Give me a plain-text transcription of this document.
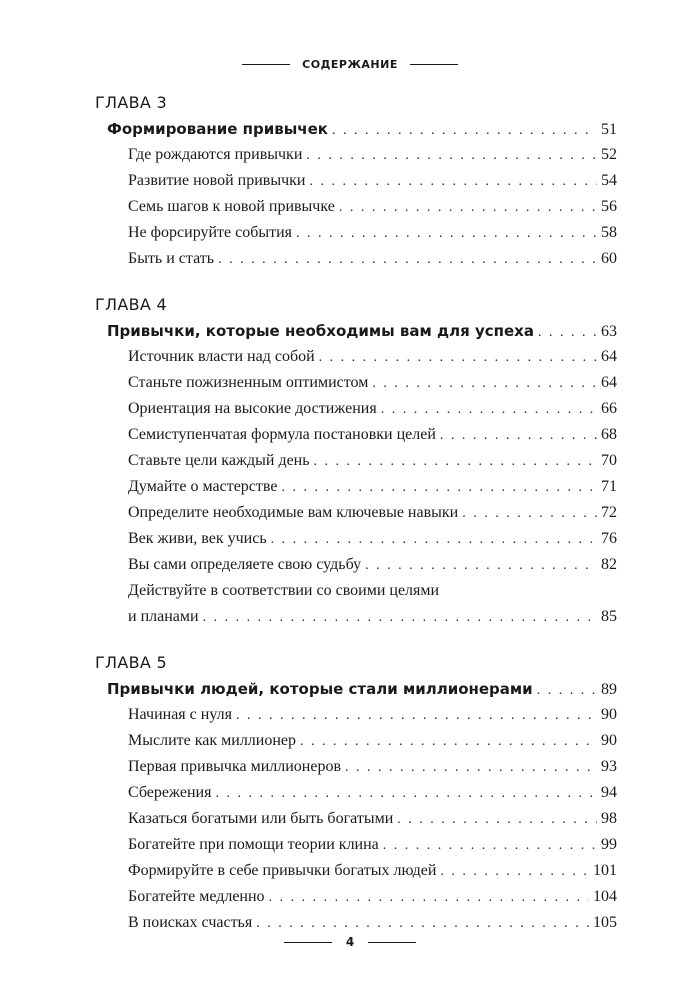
СОДЕРЖАНИЕ
ГЛАВА 3
Формирование привычек . . .	51
Где рождаются привычки . . .	52
Развитие новой привычки . . .	54
Семь шагов к новой привычке . . .	56
Не форсируйте события . . .	58
Быть и стать . . .	60
ГЛАВА 4
Привычки, которые необходимы вам для успеха . . .	63
Источник власти над собой . . .	64
Станьте пожизненным оптимистом . . .	64
Ориентация на высокие достижения . . .	66
Семиступенчатая формула постановки целей . . .	68
Ставьте цели каждый день . . .	70
Думайте о мастерстве . . .	71
Определите необходимые вам ключевые навыки . . .	72
Век живи, век учись . . .	76
Вы сами определяете свою судьбу . . .	82
Действуйте в соответствии со своими целями
и планами . . .	85
ГЛАВА 5
Привычки людей, которые стали миллионерами . . .	89
Начиная с нуля . . .	90
Мыслите как миллионер . . .	90
Первая привычка миллионеров . . .	93
Сбережения . . .	94
Казаться богатыми или быть богатыми . . .	98
Богатейте при помощи теории клина . . .	99
Формируйте в себе привычки богатых людей . . .	101
Богатейте медленно . . .	104
В поисках счастья . . .	105
4
